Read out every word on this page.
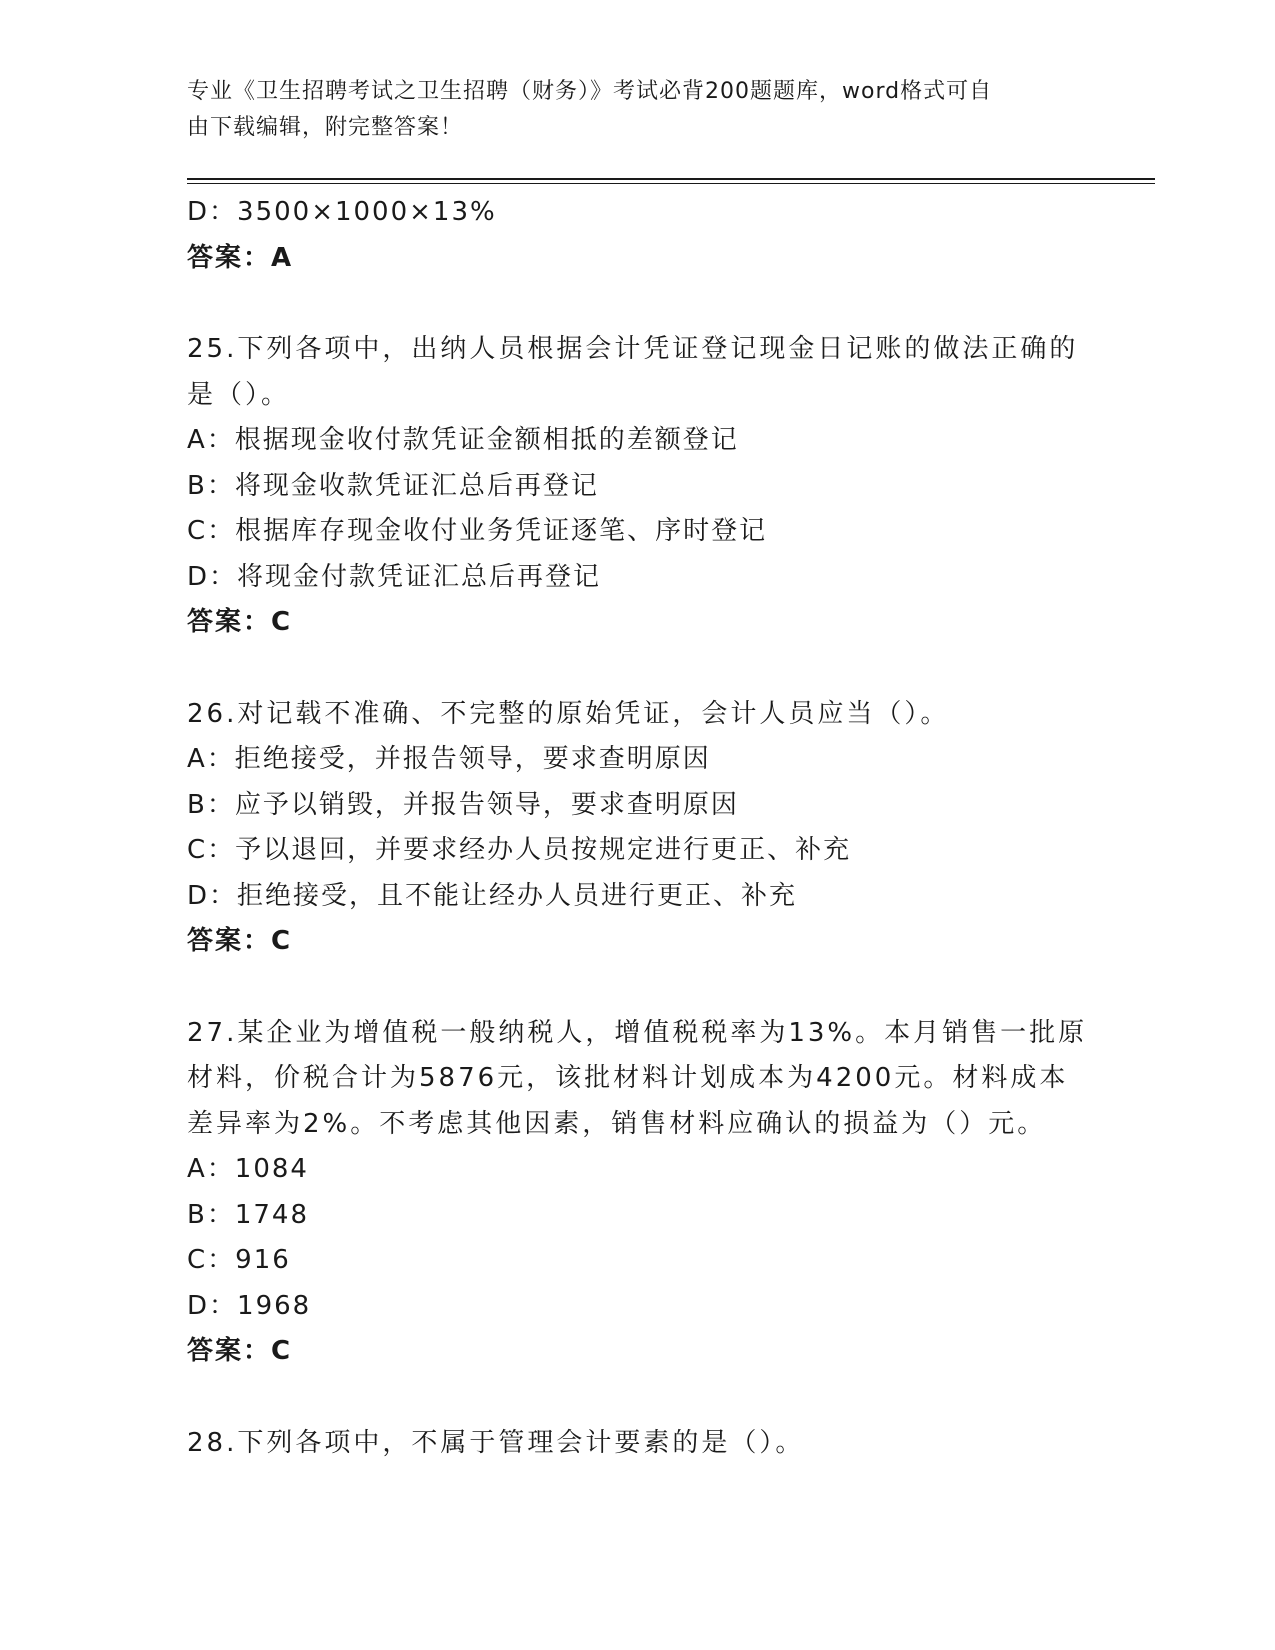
专业《卫生招聘考试之卫生招聘（财务）》考试必背200题题库，word格式可自
由下载编辑，附完整答案！
D：3500×1000×13%
答案：A
25.下列各项中，出纳人员根据会计凭证登记现金日记账的做法正确的
是（）。
A：根据现金收付款凭证金额相抵的差额登记
B：将现金收款凭证汇总后再登记
C：根据库存现金收付业务凭证逐笔、序时登记
D：将现金付款凭证汇总后再登记
答案：C
26.对记载不准确、不完整的原始凭证，会计人员应当（）。
A：拒绝接受，并报告领导，要求查明原因
B：应予以销毁，并报告领导，要求查明原因
C：予以退回，并要求经办人员按规定进行更正、补充
D：拒绝接受，且不能让经办人员进行更正、补充
答案：C
27.某企业为增值税一般纳税人，增值税税率为13%。本月销售一批原
材料，价税合计为5876元，该批材料计划成本为4200元。材料成本
差异率为2%。不考虑其他因素，销售材料应确认的损益为（）元。
A：1084
B：1748
C：916
D：1968
答案：C
28.下列各项中，不属于管理会计要素的是（）。
